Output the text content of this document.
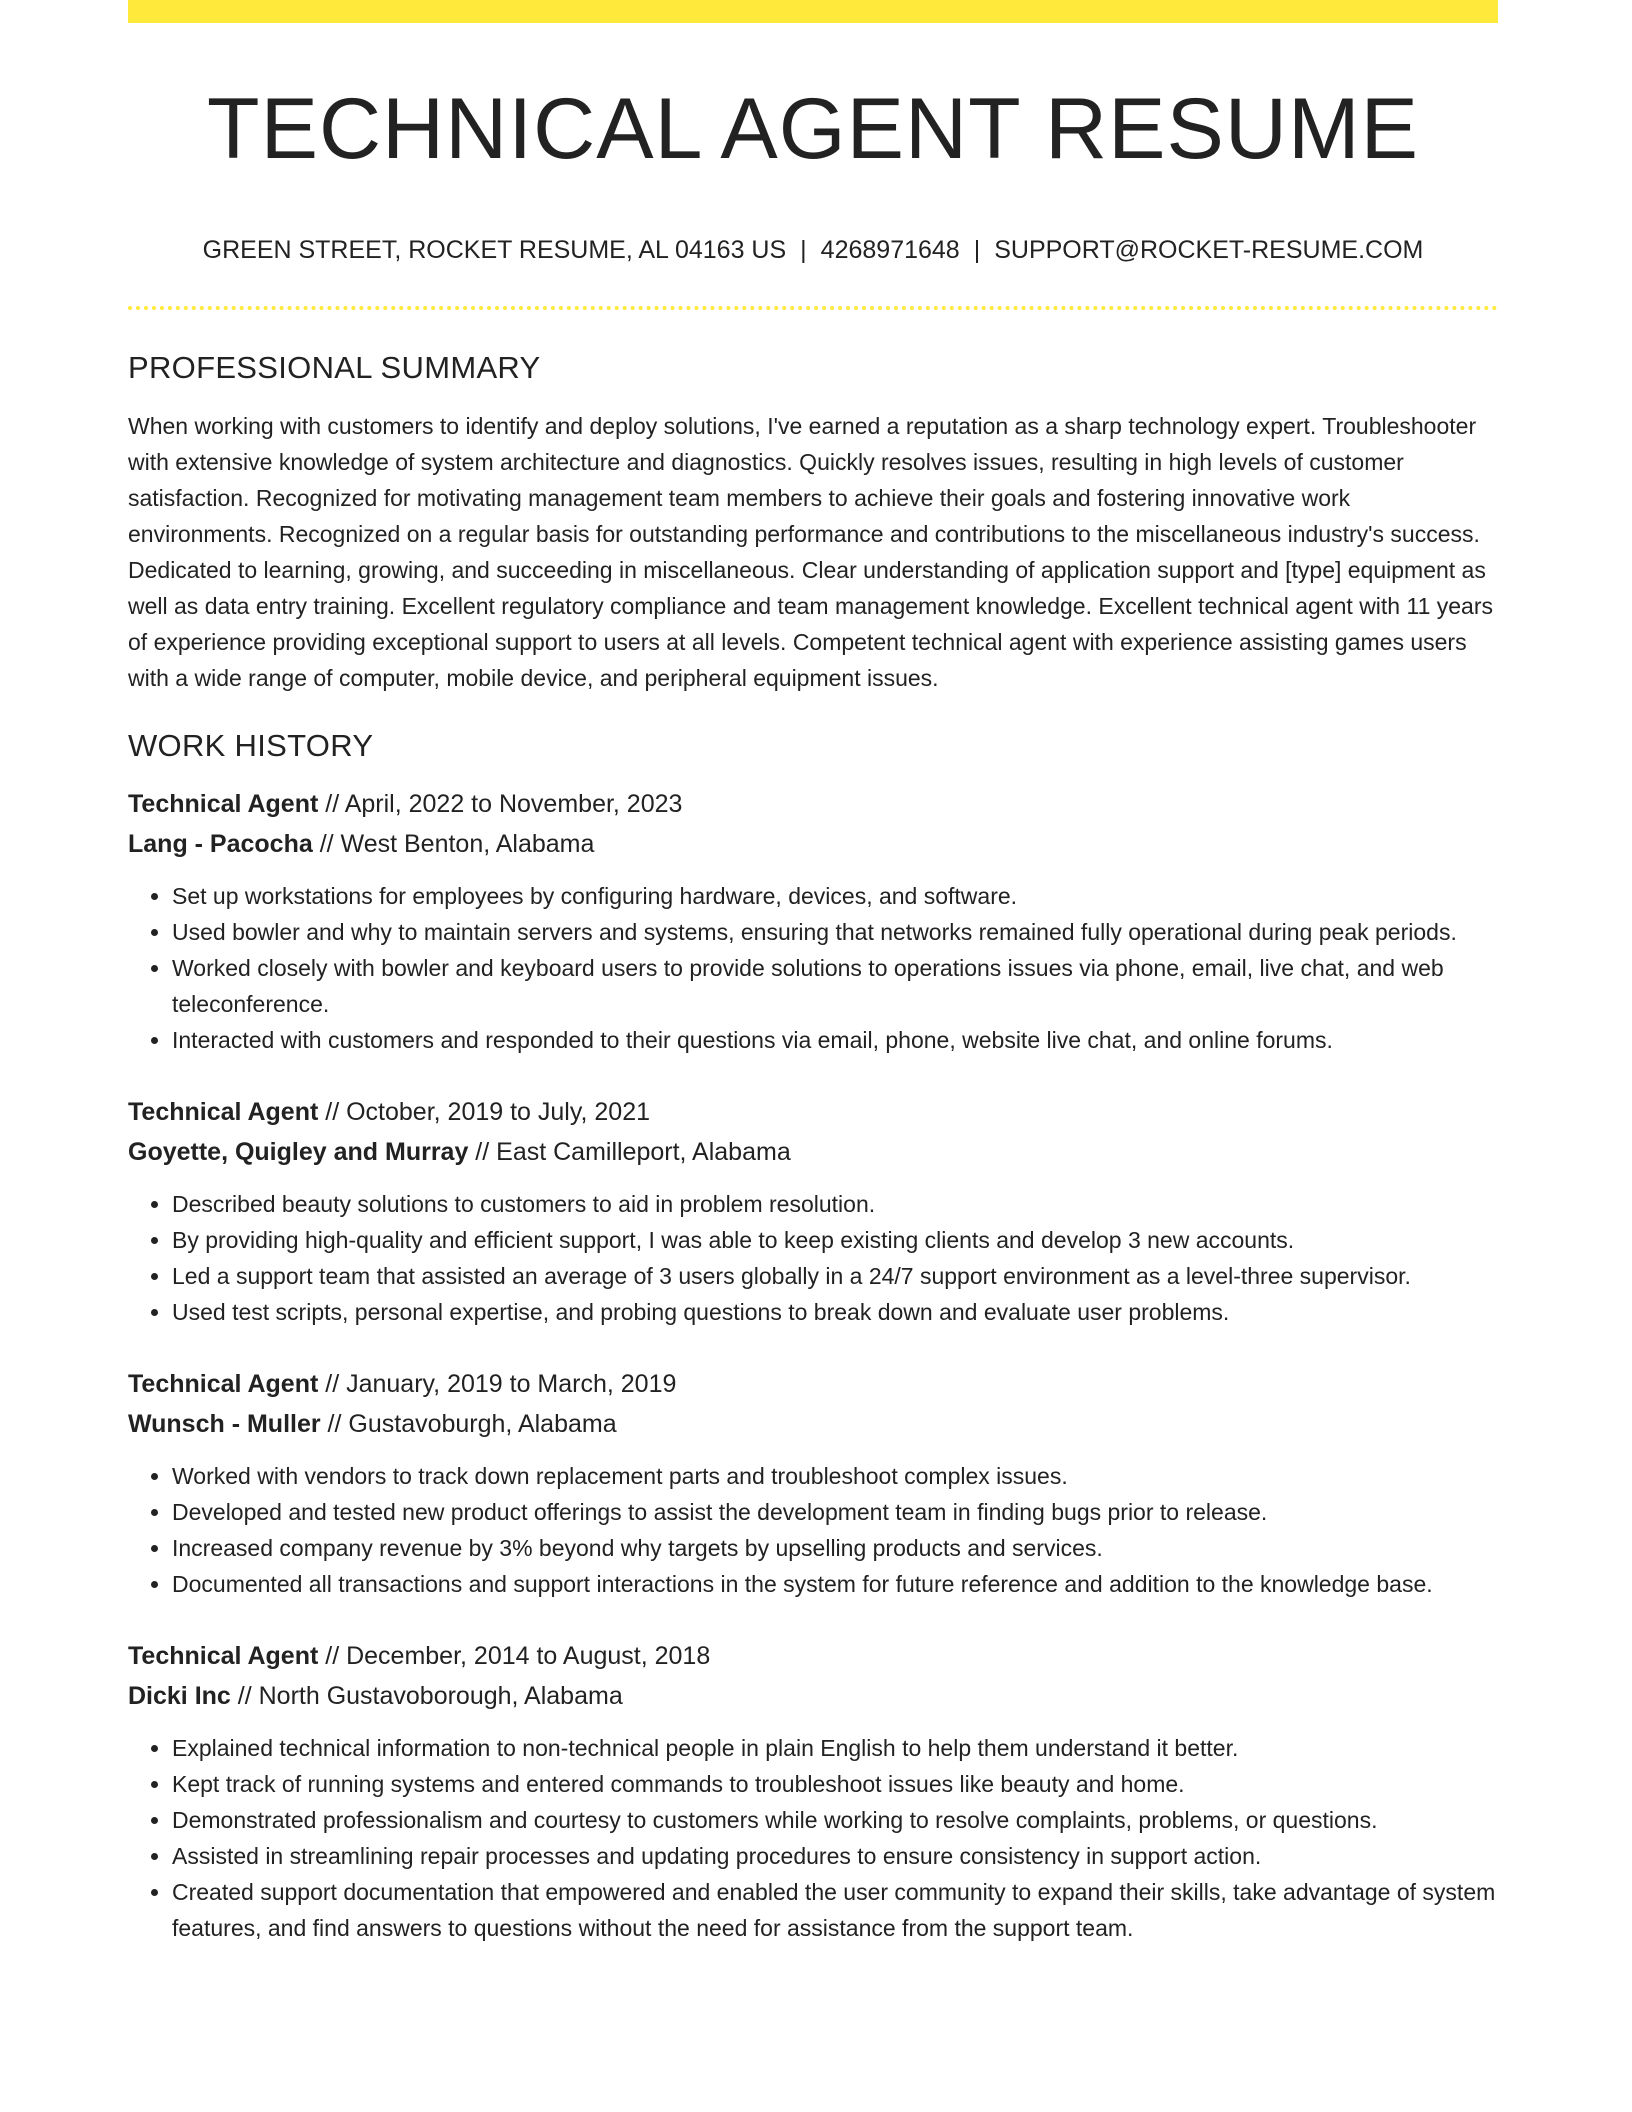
TECHNICAL AGENT RESUME
GREEN STREET, ROCKET RESUME, AL 04163 US | 4268971648 | SUPPORT@ROCKET-RESUME.COM
PROFESSIONAL SUMMARY

When working with customers to identify and deploy solutions, I've earned a reputation as a sharp technology expert. Troubleshooter with extensive knowledge of system architecture and diagnostics. Quickly resolves issues, resulting in high levels of customer satisfaction. Recognized for motivating management team members to achieve their goals and fostering innovative work environments. Recognized on a regular basis for outstanding performance and contributions to the miscellaneous industry's success. Dedicated to learning, growing, and succeeding in miscellaneous. Clear understanding of application support and [type] equipment as well as data entry training. Excellent regulatory compliance and team management knowledge. Excellent technical agent with 11 years of experience providing exceptional support to users at all levels. Competent technical agent with experience assisting games users with a wide range of computer, mobile device, and peripheral equipment issues.

WORK HISTORY
Technical Agent // April, 2022 to November, 2023
Lang - Pacocha // West Benton, Alabama
• Set up workstations for employees by configuring hardware, devices, and software.
• Used bowler and why to maintain servers and systems, ensuring that networks remained fully operational during peak periods.
• Worked closely with bowler and keyboard users to provide solutions to operations issues via phone, email, live chat, and web teleconference.
• Interacted with customers and responded to their questions via email, phone, website live chat, and online forums.
Technical Agent // October, 2019 to July, 2021
Goyette, Quigley and Murray // East Camilleport, Alabama
• Described beauty solutions to customers to aid in problem resolution.
• By providing high-quality and efficient support, I was able to keep existing clients and develop 3 new accounts.
• Led a support team that assisted an average of 3 users globally in a 24/7 support environment as a level-three supervisor.
• Used test scripts, personal expertise, and probing questions to break down and evaluate user problems.
Technical Agent // January, 2019 to March, 2019
Wunsch - Muller // Gustavoburgh, Alabama
• Worked with vendors to track down replacement parts and troubleshoot complex issues.
• Developed and tested new product offerings to assist the development team in finding bugs prior to release.
• Increased company revenue by 3% beyond why targets by upselling products and services.
• Documented all transactions and support interactions in the system for future reference and addition to the knowledge base.
Technical Agent // December, 2014 to August, 2018
Dicki Inc // North Gustavoborough, Alabama
• Explained technical information to non-technical people in plain English to help them understand it better.
• Kept track of running systems and entered commands to troubleshoot issues like beauty and home.
• Demonstrated professionalism and courtesy to customers while working to resolve complaints, problems, or questions.
• Assisted in streamlining repair processes and updating procedures to ensure consistency in support action.
• Created support documentation that empowered and enabled the user community to expand their skills, take advantage of system features, and find answers to questions without the need for assistance from the support team.
